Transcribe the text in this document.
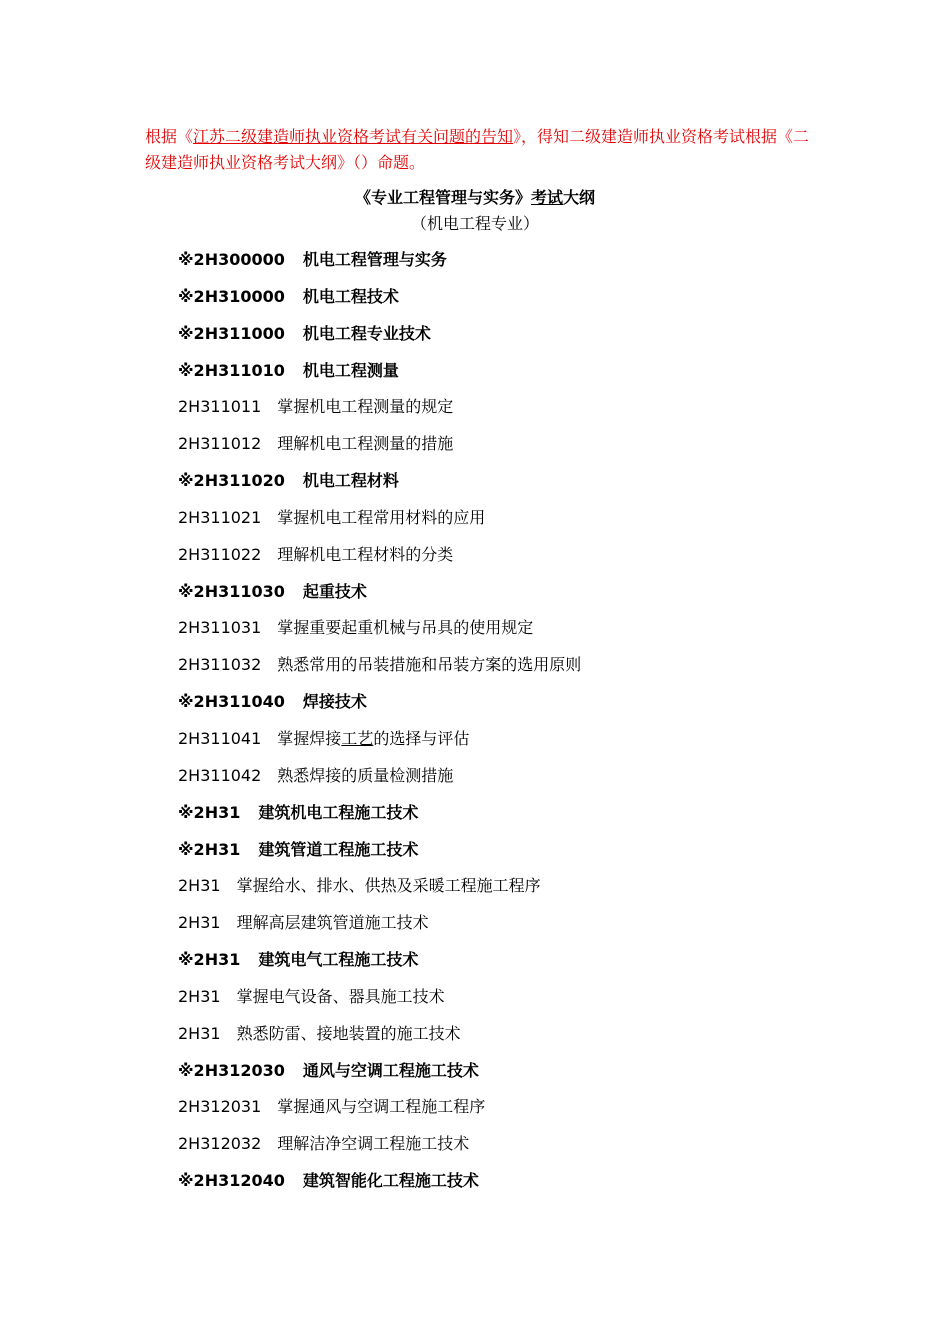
根据《江苏二级建造师执业资格考试有关问题的告知》，得知二级建造师执业资格考试根据《二级建造师执业资格考试大纲》（）命题。
《专业工程管理与实务》考试大纲
（机电工程专业）
※2H300000 机电工程管理与实务
※2H310000 机电工程技术
※2H311000 机电工程专业技术
※2H311010 机电工程测量
2H311011 掌握机电工程测量的规定
2H311012 理解机电工程测量的措施
※2H311020 机电工程材料
2H311021 掌握机电工程常用材料的应用
2H311022 理解机电工程材料的分类
※2H311030 起重技术
2H311031 掌握重要起重机械与吊具的使用规定
2H311032 熟悉常用的吊装措施和吊装方案的选用原则
※2H311040 焊接技术
2H311041 掌握焊接工艺的选择与评估
2H311042 熟悉焊接的质量检测措施
※2H31 建筑机电工程施工技术
※2H31 建筑管道工程施工技术
2H31 掌握给水、排水、供热及采暖工程施工程序
2H31 理解高层建筑管道施工技术
※2H31 建筑电气工程施工技术
2H31 掌握电气设备、器具施工技术
2H31 熟悉防雷、接地装置的施工技术
※2H312030 通风与空调工程施工技术
2H312031 掌握通风与空调工程施工程序
2H312032 理解洁净空调工程施工技术
※2H312040 建筑智能化工程施工技术
